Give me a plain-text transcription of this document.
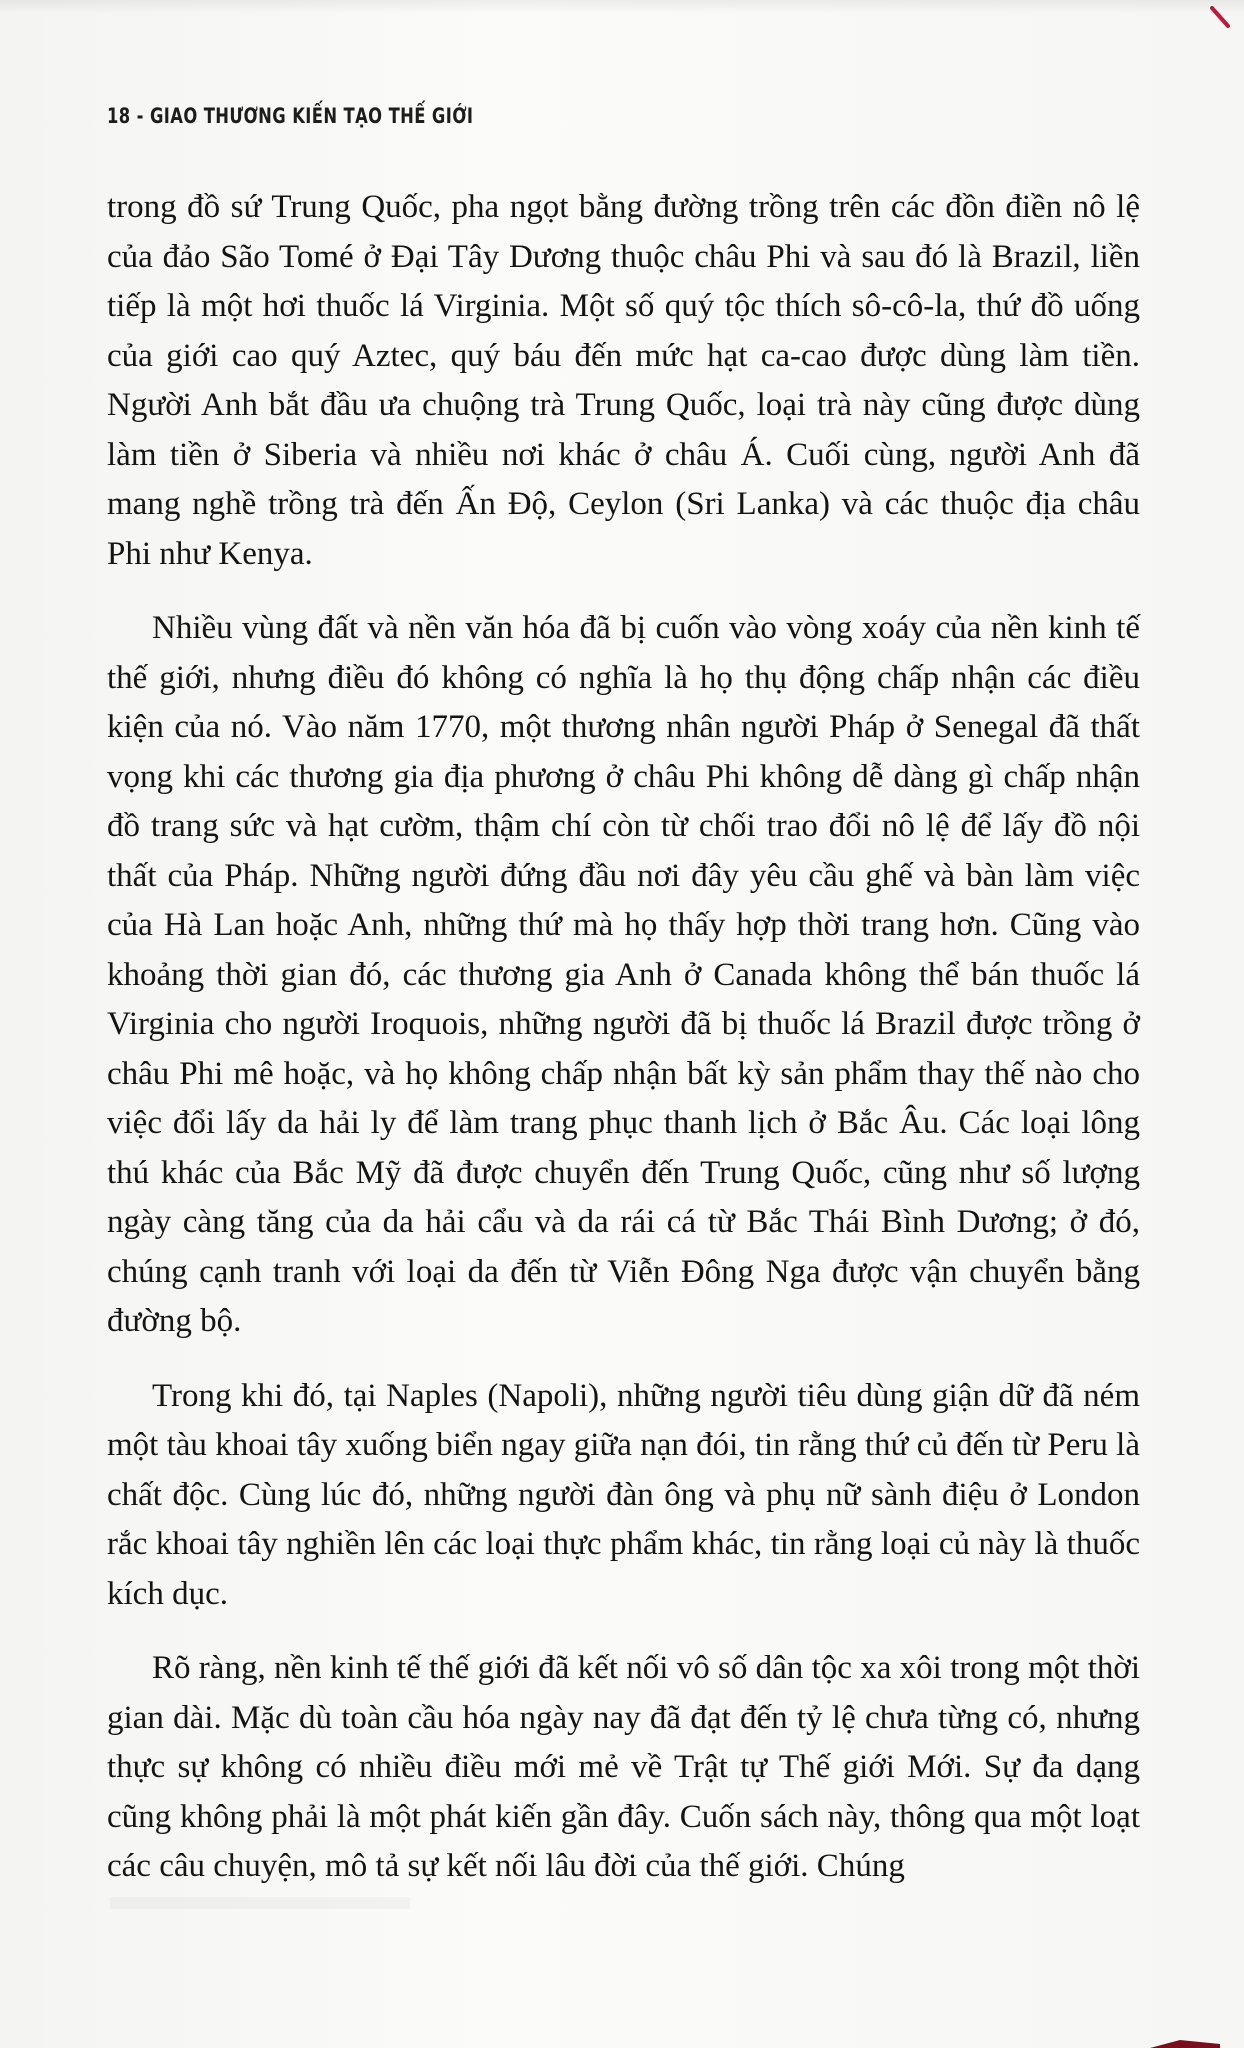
18 - GIAO THƯƠNG KIẾN TẠO THẾ GIỚI

trong đồ sứ Trung Quốc, pha ngọt bằng đường trồng trên các đồn điền nô lệ của đảo São Tomé ở Đại Tây Dương thuộc châu Phi và sau đó là Brazil, liền tiếp là một hơi thuốc lá Virginia. Một số quý tộc thích sô-cô-la, thứ đồ uống của giới cao quý Aztec, quý báu đến mức hạt ca-cao được dùng làm tiền. Người Anh bắt đầu ưa chuộng trà Trung Quốc, loại trà này cũng được dùng làm tiền ở Siberia và nhiều nơi khác ở châu Á. Cuối cùng, người Anh đã mang nghề trồng trà đến Ấn Độ, Ceylon (Sri Lanka) và các thuộc địa châu Phi như Kenya.

Nhiều vùng đất và nền văn hóa đã bị cuốn vào vòng xoáy của nền kinh tế thế giới, nhưng điều đó không có nghĩa là họ thụ động chấp nhận các điều kiện của nó. Vào năm 1770, một thương nhân người Pháp ở Senegal đã thất vọng khi các thương gia địa phương ở châu Phi không dễ dàng gì chấp nhận đồ trang sức và hạt cườm, thậm chí còn từ chối trao đổi nô lệ để lấy đồ nội thất của Pháp. Những người đứng đầu nơi đây yêu cầu ghế và bàn làm việc của Hà Lan hoặc Anh, những thứ mà họ thấy hợp thời trang hơn. Cũng vào khoảng thời gian đó, các thương gia Anh ở Canada không thể bán thuốc lá Virginia cho người Iroquois, những người đã bị thuốc lá Brazil được trồng ở châu Phi mê hoặc, và họ không chấp nhận bất kỳ sản phẩm thay thế nào cho việc đổi lấy da hải ly để làm trang phục thanh lịch ở Bắc Âu. Các loại lông thú khác của Bắc Mỹ đã được chuyển đến Trung Quốc, cũng như số lượng ngày càng tăng của da hải cẩu và da rái cá từ Bắc Thái Bình Dương; ở đó, chúng cạnh tranh với loại da đến từ Viễn Đông Nga được vận chuyển bằng đường bộ.

Trong khi đó, tại Naples (Napoli), những người tiêu dùng giận dữ đã ném một tàu khoai tây xuống biển ngay giữa nạn đói, tin rằng thứ củ đến từ Peru là chất độc. Cùng lúc đó, những người đàn ông và phụ nữ sành điệu ở London rắc khoai tây nghiền lên các loại thực phẩm khác, tin rằng loại củ này là thuốc kích dục.

Rõ ràng, nền kinh tế thế giới đã kết nối vô số dân tộc xa xôi trong một thời gian dài. Mặc dù toàn cầu hóa ngày nay đã đạt đến tỷ lệ chưa từng có, nhưng thực sự không có nhiều điều mới mẻ về Trật tự Thế giới Mới. Sự đa dạng cũng không phải là một phát kiến gần đây. Cuốn sách này, thông qua một loạt các câu chuyện, mô tả sự kết nối lâu đời của thế giới. Chúng
